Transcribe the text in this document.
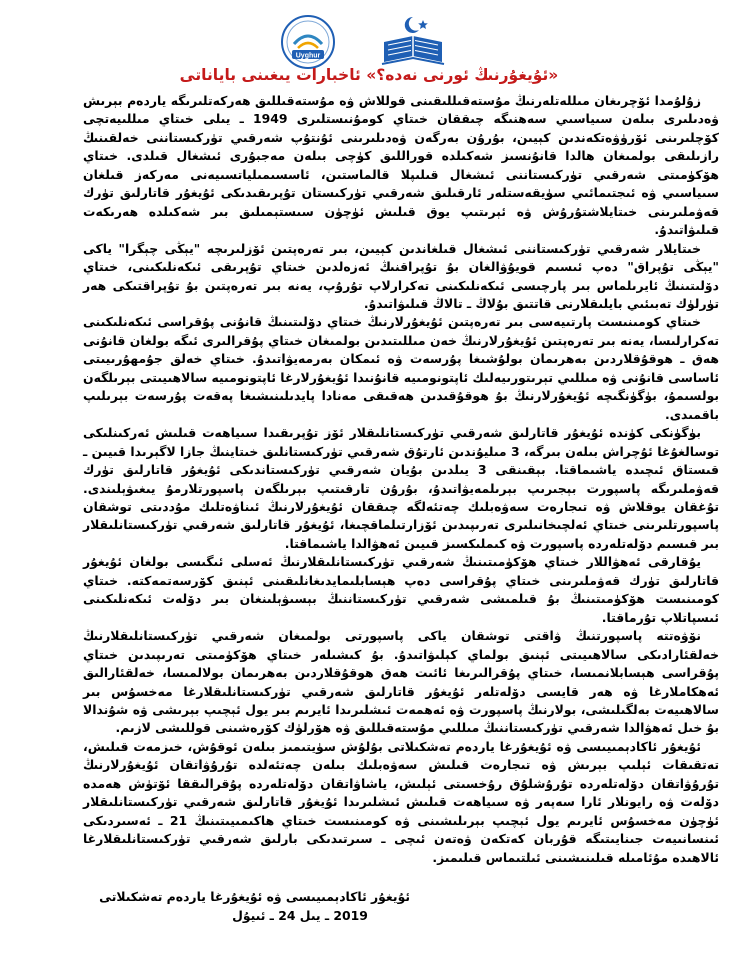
Uyghur
«ئۇيغۇرنىڭ ئورنى نەدە؟» ئاخبارات يىغىنى باياناتى

زۇلۇمدا ئۆچرىغان مىللەتلەرنىڭ مۇستەقىللىقىنى قوللاش ۋە مۇستەقىللىق ھەركەتلىرىگە ياردەم بېرىش ۋەدىلىرى بىلەن سىياسىي سەھنىگە چىققان خىتاي كومۇنىستلىرى 1949 ـ يىلى خىتاي مىللىيەتچى كۆچلىرىنى ئۆرۈۋەتكەندىن كېيىن، بۇرۇن بەرگەن ۋەدىلىرىنى ئۇنتۇپ شەرقىي تۈركىستاننى خەلقىنىڭ رازىلىقى بولمىغان ھالدا قانۇنسىز شەكىلدە قوراللىق كۈچى بىلەن مەجبۇرى ئىشغال قىلدى. خىتاي ھۆكۈمىتى شەرقىي تۈركىستاننى ئىشغال قىلىپلا قالماستىن، ئاسسىمىلياتسىيەنى مەركەز قىلغان سىياسىي ۋە ئىجتىمائىي سۈيقەستلەر ئارقىلىق شەرقىي تۈركىستان تۇپرىقىدىكى ئۇيغۇر قاتارلىق تۈرك قەۋملىرىنى خىتايلاشتۇرۇش ۋە ئېرىتىپ يوق قىلىش ئۈچۈن سىستېمىلىق بىر شەكىلدە ھەرىكەت قىلىۋاتىدۇ.

خىتايلار شەرقىي تۈركىستاننى ئىشغال قىلغاندىن كېيىن، بىر تەرەپتىن ئۆزلىرىچە "يېڭى چېگرا" ياكى "يېڭى تۇپراق" دەپ ئىسىم قويۇۋالغان بۇ تۇپراقنىڭ ئەزەلدىن خىتاي تۇپرىقى ئىكەنلىكىنى، خىتاي دۆلىتىنىڭ ئايرىلماس بىر پارچىسى ئىكەنلىكىنى تەكرارلاپ تۇرۇپ، يەنە بىر تەرەپتىن بۇ تۇپراقتىكى ھەر تۈرلۈك تەبىئىي بايلىقلارنى قاتتىق بۇلاڭ ـ تالاڭ قىلىۋاتىدۇ.

خىتاي كومىنىست پارتىيەسى بىر تەرەپتىن ئۇيغۇرلارنىڭ خىتاي دۆلىتىنىڭ قانۇنى پۇقراسى ئىكەنلىكىنى تەكرارلىسا، يەنە بىر تەرەپتىن ئۇيغۇرلارنىڭ خەن مىللىتىدىن بولمىغان خىتاي پۇقرالىرى ئىگە بولغان قانۇنى ھەق ـ ھوقۇقلاردىن بەھرىمان بولۇشىغا پۇرسەت ۋە ئىمكان بەرمەيۋاتىدۇ. خىتاي خەلق جۇمھۇرىيىتى ئاساسى قانۇنى ۋە مىللىي تېرىتورىيەلىك ئاپتونومىيە قانۇنىدا ئۇيغۇرلارغا ئاپتونومىيە سالاھىيىتى بېرىلگەن بولسىمۇ، بۈگۈنگىچە ئۇيغۇرلارنىڭ بۇ ھوقۇقىدىن ھەقىقى مەنادا پايدىلىنىشىغا پەقەت پۇرسەت بېرىلىپ باقمىدى.

بۈگۈنكى كۈندە ئۇيغۇر قاتارلىق شەرقىي تۈركىستانلىقلار ئۆز تۇپرىقىدا سىياھەت قىلىش ئەركىنلىكى توسالغۇغا ئۇچراش بىلەن بىرگە، 3 مىليۇندىن ئارتۇق شەرقىي تۈركىستانلىق خىتاينىڭ جازا لاگېرىدا قىيىن ـ قىستاق ئىچىدە ياشىماقتا. بېقىنقى 3 يىلدىن بۇيان شەرقىي تۈركىستاندىكى ئۇيغۇر قاتارلىق تۈرك قەۋملىرىگە پاسپورت بېجىرىپ بېرىلمەيۋاتىدۇ، بۇرۇن تارقىتىپ بېرىلگەن پاسپورتلارمۇ يىغىۋېلىندى. تۇغقان يوقلاش ۋە تىجارەت سەۋەبلىك چەتئەلگە چىققان ئۇيغۇرلارنىڭ ئىناۋەتلىك مۇددىتى توشقان پاسپورتلىرىنى خىتاي ئەلچىخانىلىرى تەرىپىدىن ئۆزارتىلماقچىغا، ئۇيغۇر قاتارلىق شەرقىي تۈركىستانلىقلار بىر قىسىم دۆلەتلەردە پاسپورت ۋە كىملىكسىز قىيىن ئەھۋالدا ياشىماقتا.

يۇقارقى ئەھۋاللار خىتاي ھۆكۈمىتىنىڭ شەرقىي تۈركىستانلىقلارنىڭ ئەسلى ئىگىسى بولغان ئۇيغۇر قاتارلىق تۈرك قەۋملىرىنى خىتاي پۇقراسى دەپ ھېسابلىمايدىغانلىقىنى ئېنىق كۆرسەتمەكتە. خىتاي كومىنىست ھۆكۈمىتىنىڭ بۇ قىلمىشى شەرقىي تۈركىستاننىڭ بېسىۋېلىنغان بىر دۆلەت ئىكەنلىكىنى ئىسپاتلاپ تۇرماقتا.

نۆۋەتتە پاسپورتنىڭ ۋاقتى توشقان ياكى پاسپورتى بولمىغان شەرقىي تۈركىستانلىقلارنىڭ خەلقئارادىكى سالاھىيىتى ئېنىق بولماي كېلىۋاتىدۇ. بۇ كىشىلەر خىتاي ھۆكۈمىتى تەرىپىدىن خىتاي پۇقراسى ھېسابلانمىسا، خىتاي پۇقرالىرىغا ئائىت ھەق ھوقۇقلاردىن بەھرىمان بولالمىسا، خەلقئارالىق ئەھكاملارغا ۋە ھەر قايسى دۆلەتلەر ئۇيغۇر قاتارلىق شەرقىي تۈركىستانلىقلارغا مەخسۇس بىر سالاھىيەت بەلگىلىشى، بولارنىڭ پاسپورت ۋە ئەھمەت ئىشلىرىدا ئايرىم بىر يول ئېچىپ بېرىشى ۋە شۇندالا بۇ خىل ئەھۋالدا شەرقىي تۈركىستاننىڭ مىللىي مۇستەقىللىق ۋە ھۆرلۈك كۆرەشىنى قوللىشى لازىم.

ئۇيغۇر ئاكادېمىيىسى ۋە ئۇيغۇرغا ياردەم تەشكىلاتى بۇلۇش سۈيتىمىز بىلەن ئوقۇش، خىزمەت قىلىش، تەتقىقات ئېلىپ بېرىش ۋە تىجارەت قىلىش سەۋەبلىك بىلەن چەتئەلدە تۇرۇۋاتقان ئۇيغۇرلارنىڭ تۇرۇۋاتقان دۆلەتلەردە تۇرۇشلۇق رۇخسىتى ئېلىش، ياشاۋاتقان دۆلەتلەردە پۇقرالىققا ئۆتۈش ھەمدە دۆلەت ۋە رايونلار ئارا سەپەر ۋە سىياھەت قىلىش ئىشلىرىدا ئۇيغۇر قاتارلىق شەرقىي تۈركىستانلىقلار ئۈچۈن مەخسۇس ئايرىم يول ئېچىپ بېرىلىشىنى ۋە كومىنىست خىتاي ھاكىمىيىتىنىڭ 21 ـ ئەسىردىكى ئىنسانىيەت جىنايىتىگە قۇربان كەتكەن ۋەتەن ئىچى ـ سىرتىدىكى بارلىق شەرقىي تۈركىستانلىقلارغا ئالاھىدە مۇئامىلە قىلىنىشىنى ئىلتىماس قىلىمىز.

ئۇيغۇر ئاكادېمىيىسى ۋە ئۇيغۇرغا ياردەم تەشكىلاتى
2019 ـ يىل 24 ـ ئىيۇل
